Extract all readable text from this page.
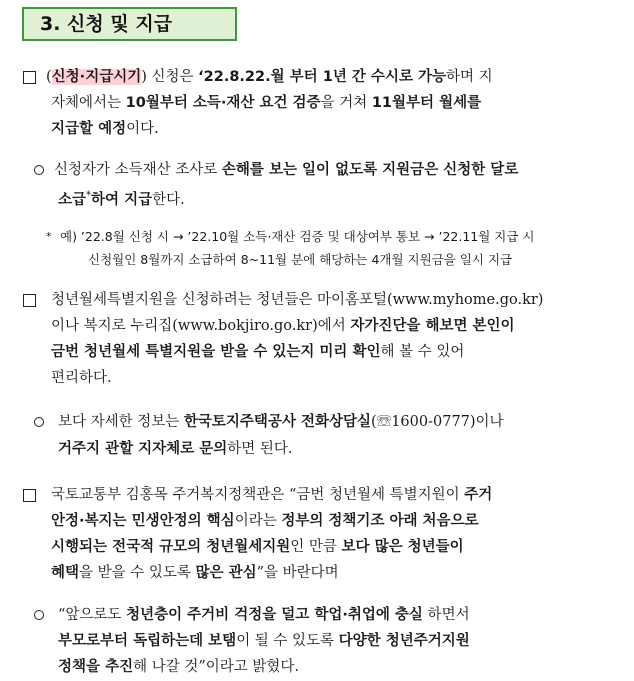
3. 신청 및 지급
(신청·지급시기) 신청은 ‘22.8.22.월 부터 1년 간 수시로 가능하며 지
자체에서는 10월부터 소득·재산 요건 검증을 거쳐 11월부터 월세를
지급할 예정이다.
신청자가 소득재산 조사로 손해를 보는 일이 없도록 지원금은 신청한 달로
소급*하여 지급한다.
* 예) ’22.8월 신청 시 → ’22.10월 소득·재산 검증 및 대상여부 통보 → ’22.11월 지급 시
신청월인 8월까지 소급하여 8~11월 분에 해당하는 4개월 지원금을 일시 지급
청년월세특별지원을 신청하려는 청년들은 마이홈포털(www.myhome.go.kr)
이나 복지로 누리집(www.bokjiro.go.kr)에서 자가진단을 해보면 본인이
금번 청년월세 특별지원을 받을 수 있는지 미리 확인해 볼 수 있어
편리하다.
보다 자세한 정보는 한국토지주택공사 전화상담실(☏1600-0777)이나
거주지 관할 지자체로 문의하면 된다.
국토교통부 김홍목 주거복지정책관은 “금번 청년월세 특별지원이 주거
안정·복지는 민생안정의 핵심이라는 정부의 정책기조 아래 처음으로
시행되는 전국적 규모의 청년월세지원인 만큼 보다 많은 청년들이
혜택을 받을 수 있도록 많은 관심”을 바란다며
“앞으로도 청년층이 주거비 걱정을 덜고 학업·취업에 충실 하면서
부모로부터 독립하는데 보탬이 될 수 있도록 다양한 청년주거지원
정책을 추진해 나갈 것”이라고 밝혔다.
